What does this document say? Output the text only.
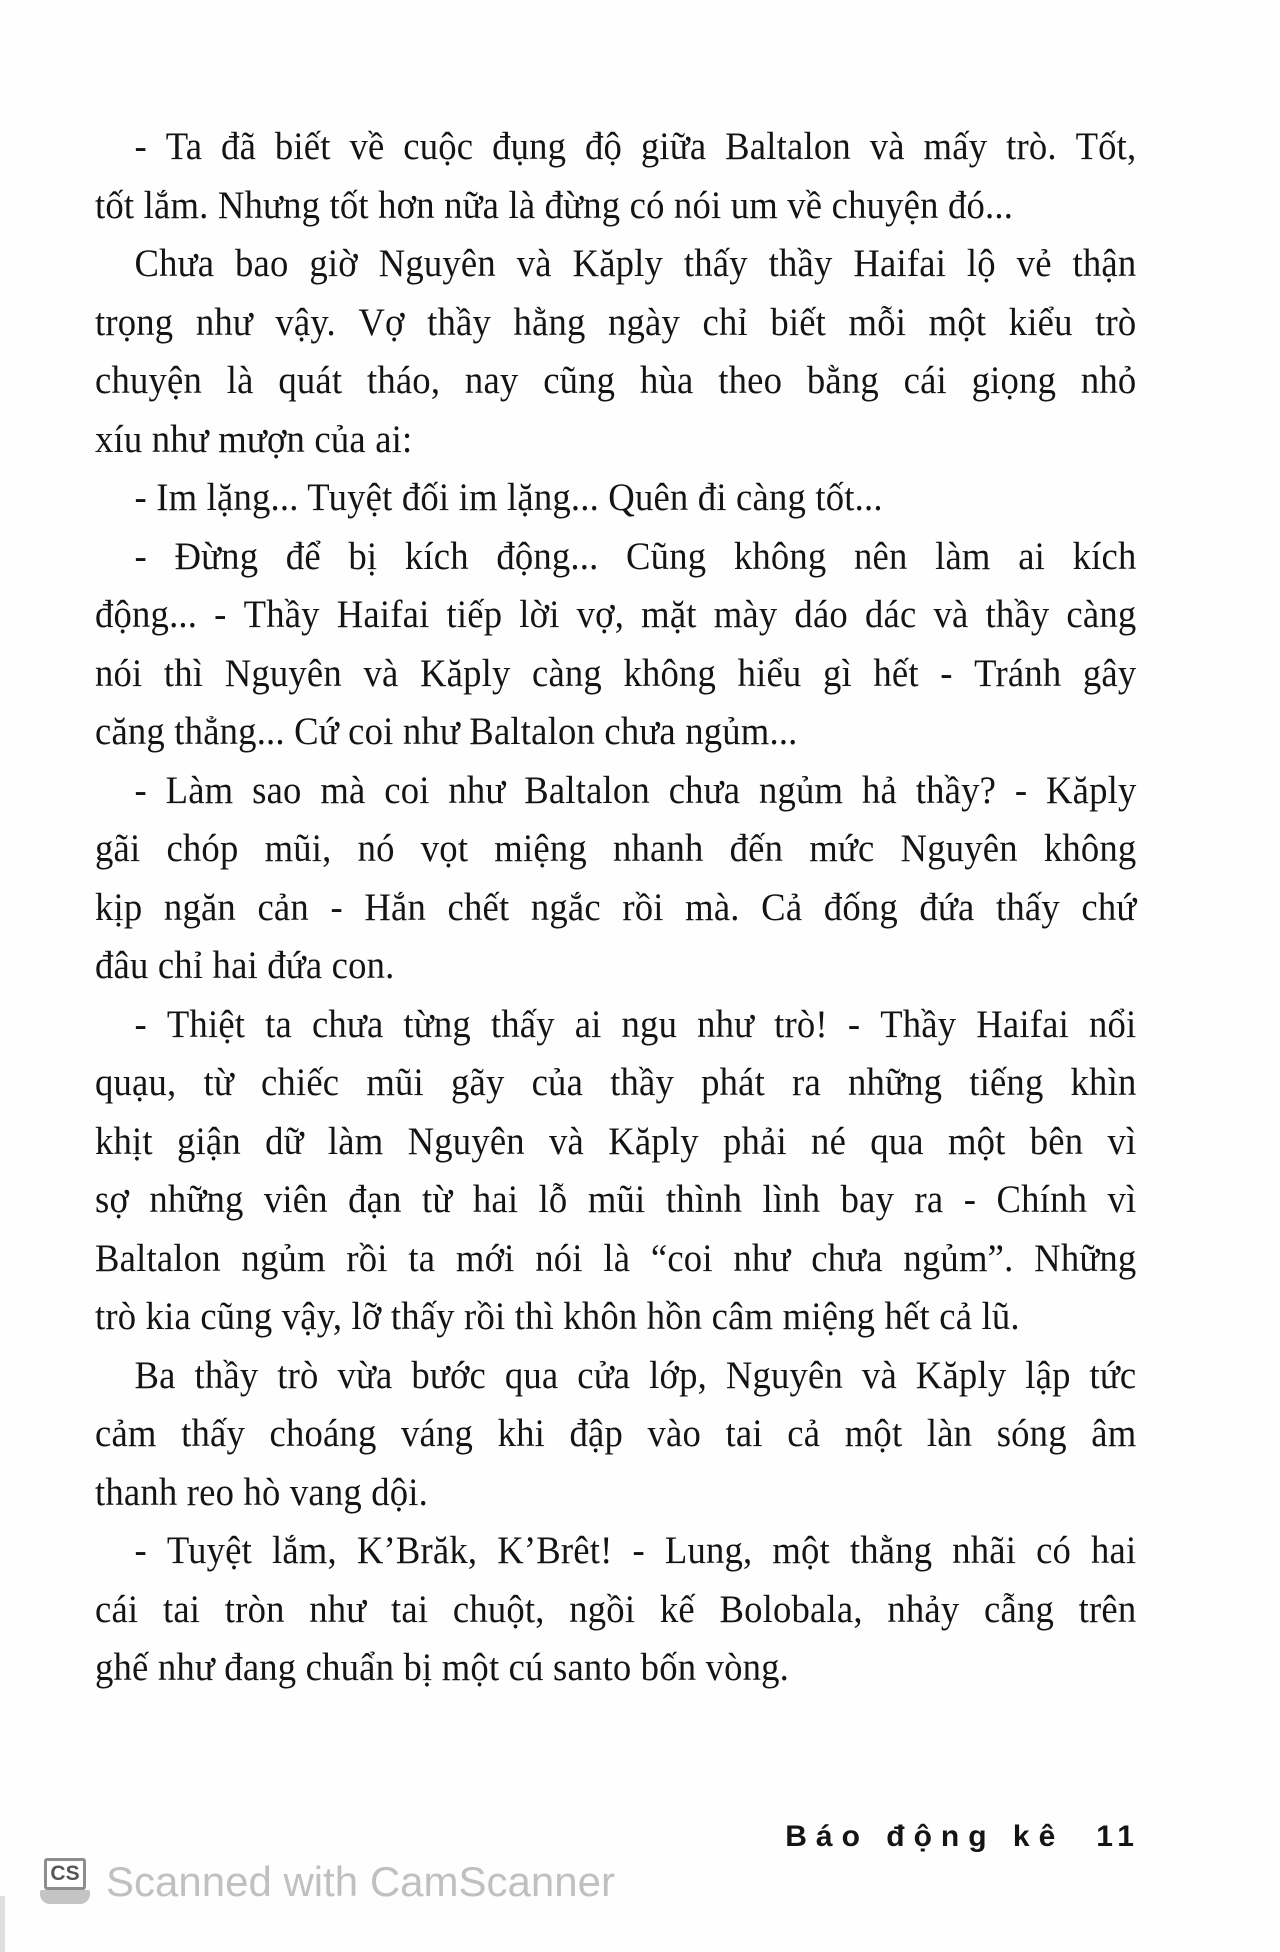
- Ta đã biết về cuộc đụng độ giữa Baltalon và mấy trò. Tốt,
tốt lắm. Nhưng tốt hơn nữa là đừng có nói um về chuyện đó...
Chưa bao giờ Nguyên và Kăply thấy thầy Haifai lộ vẻ thận
trọng như vậy. Vợ thầy hằng ngày chỉ biết mỗi một kiểu trò
chuyện là quát tháo, nay cũng hùa theo bằng cái giọng nhỏ
xíu như mượn của ai:
- Im lặng... Tuyệt đối im lặng... Quên đi càng tốt...
- Đừng để bị kích động... Cũng không nên làm ai kích
động... - Thầy Haifai tiếp lời vợ, mặt mày dáo dác và thầy càng
nói thì Nguyên và Kăply càng không hiểu gì hết - Tránh gây
căng thẳng... Cứ coi như Baltalon chưa ngủm...
- Làm sao mà coi như Baltalon chưa ngủm hả thầy? - Kăply
gãi chóp mũi, nó vọt miệng nhanh đến mức Nguyên không
kịp ngăn cản - Hắn chết ngắc rồi mà. Cả đống đứa thấy chứ
đâu chỉ hai đứa con.
- Thiệt ta chưa từng thấy ai ngu như trò! - Thầy Haifai nổi
quạu, từ chiếc mũi gãy của thầy phát ra những tiếng khìn
khịt giận dữ làm Nguyên và Kăply phải né qua một bên vì
sợ những viên đạn từ hai lỗ mũi thình lình bay ra - Chính vì
Baltalon ngủm rồi ta mới nói là “coi như chưa ngủm”. Những
trò kia cũng vậy, lỡ thấy rồi thì khôn hồn câm miệng hết cả lũ.
Ba thầy trò vừa bước qua cửa lớp, Nguyên và Kăply lập tức
cảm thấy choáng váng khi đập vào tai cả một làn sóng âm
thanh reo hò vang dội.
- Tuyệt lắm, K’Brăk, K’Brêt! - Lung, một thằng nhãi có hai
cái tai tròn như tai chuột, ngồi kế Bolobala, nhảy cẫng trên
ghế như đang chuẩn bị một cú santo bốn vòng.
Báo động kê 11
CS Scanned with CamScanner
